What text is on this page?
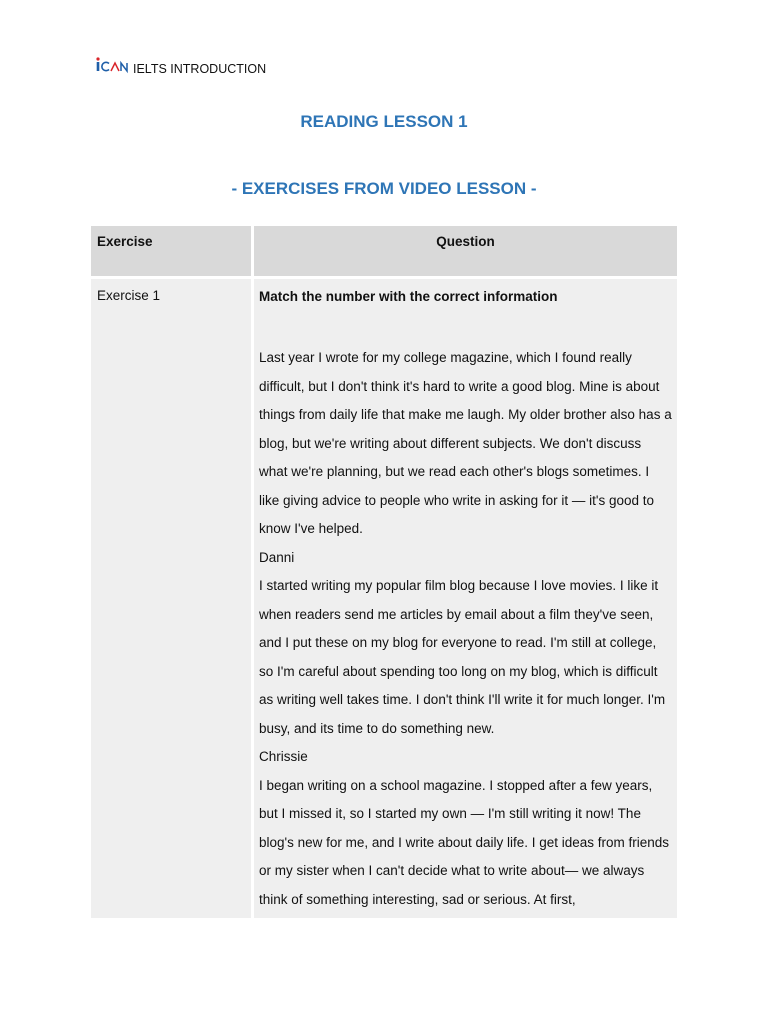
IELTS INTRODUCTION
READING LESSON 1
- EXERCISES FROM VIDEO LESSON -
Exercise	Question
Exercise 1	Match the number with the correct information

Last year I wrote for my college magazine, which I found really difficult, but I don't think it's hard to write a good blog. Mine is about things from daily life that make me laugh. My older brother also has a blog, but we're writing about different subjects. We don't discuss what we're planning, but we read each other's blogs sometimes. I like giving advice to people who write in asking for it — it's good to know I've helped.

Danni

I started writing my popular film blog because I love movies. I like it when readers send me articles by email about a film they've seen, and I put these on my blog for everyone to read. I'm still at college, so I'm careful about spending too long on my blog, which is difficult as writing well takes time. I don't think I'll write it for much longer. I'm busy, and its time to do something new.

Chrissie

I began writing on a school magazine. I stopped after a few years, but I missed it, so I started my own — I'm still writing it now! The blog's new for me, and I write about daily life. I get ideas from friends or my sister when I can't decide what to write about— we always think of something interesting, sad or serious. At first,
